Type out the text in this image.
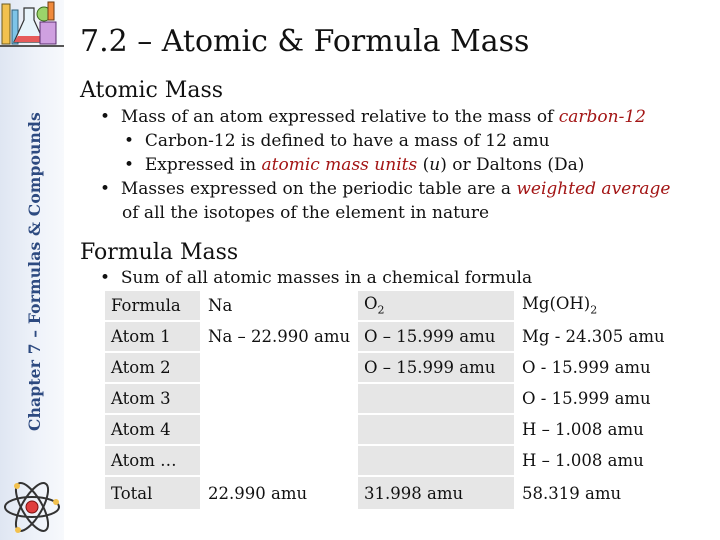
Chapter 7 – Formulas & Compounds
7.2 – Atomic & Formula Mass
Atomic Mass
•  Mass of an atom expressed relative to the mass of carbon-12
•  Carbon-12 is defined to have a mass of 12 amu
•  Expressed in atomic mass units (u) or Daltons (Da)
•  Masses expressed on the periodic table are a weighted average
of all the isotopes of the element in nature
Formula Mass
•  Sum of all atomic masses in a chemical formula
Formula	Na	$O_2$	$Mg(OH)_2$
Atom 1	Na – 22.990 amu	O – 15.999 amu	Mg - 24.305 amu
Atom 2		O – 15.999 amu	O - 15.999 amu
Atom 3			O - 15.999 amu
Atom 4			H – 1.008 amu
Atom …			H – 1.008 amu
Total	22.990 amu	31.998 amu	58.319 amu
